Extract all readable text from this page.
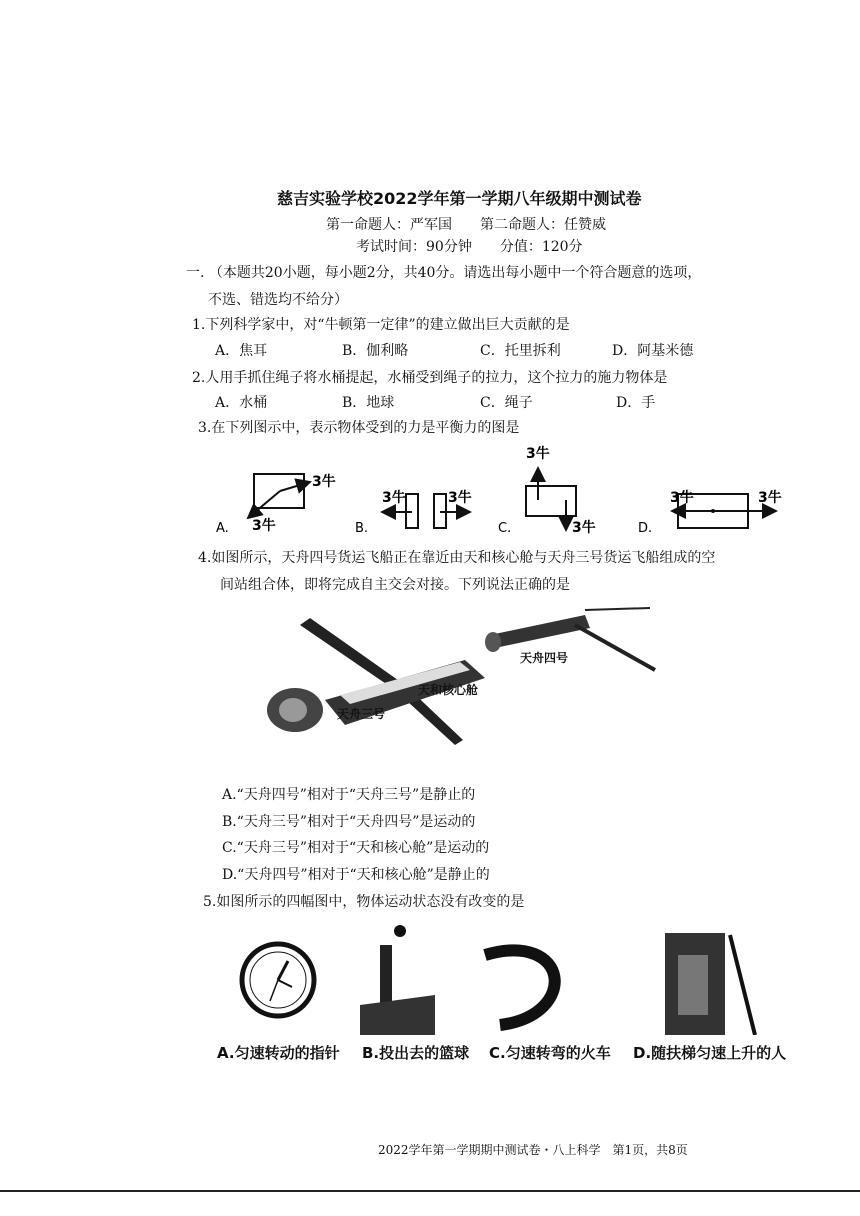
慈吉实验学校2022学年第一学期八年级期中测试卷
第一命题人：严军国　　第二命题人：任赞威
考试时间：90分钟　　分值：120分
一. （本题共20小题，每小题2分，共40分。请选出每小题中一个符合题意的选项，
不选、错选均不给分）
1.下列科学家中，对“牛顿第一定律”的建立做出巨大贡献的是
A．焦耳	B．伽利略	C．托里拆利	D．阿基米德
2.人用手抓住绳子将水桶提起，水桶受到绳子的拉力，这个拉力的施力物体是
A．水桶	B．地球	C．绳子	D．手
3.在下列图示中，表示物体受到的力是平衡力的图是
3牛
3牛
A.
3牛	3牛
B.
3牛
3牛
C.
3牛	3牛
D.
4.如图所示，天舟四号货运飞船正在靠近由天和核心舱与天舟三号货运飞船组成的空
间站组合体，即将完成自主交会对接。下列说法正确的是
天舟四号
天和核心舱
天舟三号
A.“天舟四号”相对于“天舟三号”是静止的
B.“天舟三号”相对于“天舟四号”是运动的
C.“天舟三号”相对于“天和核心舱”是运动的
D.“天舟四号”相对于“天和核心舱”是静止的
5.如图所示的四幅图中，物体运动状态没有改变的是
A.匀速转动的指针 B.投出去的篮球 C.匀速转弯的火车 D.随扶梯匀速上升的人
2022学年第一学期期中测试卷・八上科学　第1页，共8页
